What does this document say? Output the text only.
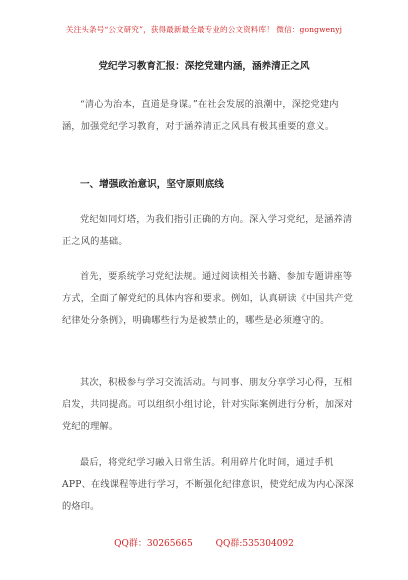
关注头条号“公文研究”，获得最新最全最专业的公文资料库！ 微信：gongwenyj
党纪学习教育汇报：深挖党建内涵，涵养清正之风

“清心为治本，直道是身谋。”在社会发展的浪潮中，深挖党建内涵，加强党纪学习教育，对于涵养清正之风具有极其重要的意义。

一、增强政治意识，坚守原则底线

党纪如同灯塔，为我们指引正确的方向。深入学习党纪，是涵养清正之风的基础。

首先，要系统学习党纪法规。通过阅读相关书籍、参加专题讲座等方式，全面了解党纪的具体内容和要求。例如，认真研读《中国共产党纪律处分条例》，明确哪些行为是被禁止的，哪些是必须遵守的。

其次，积极参与学习交流活动。与同事、朋友分享学习心得，互相启发，共同提高。可以组织小组讨论，针对实际案例进行分析，加深对党纪的理解。

最后，将党纪学习融入日常生活。利用碎片化时间，通过手机APP、在线课程等进行学习，不断强化纪律意识，使党纪成为内心深深的烙印。

QQ群：30265665	QQ群:535304092
